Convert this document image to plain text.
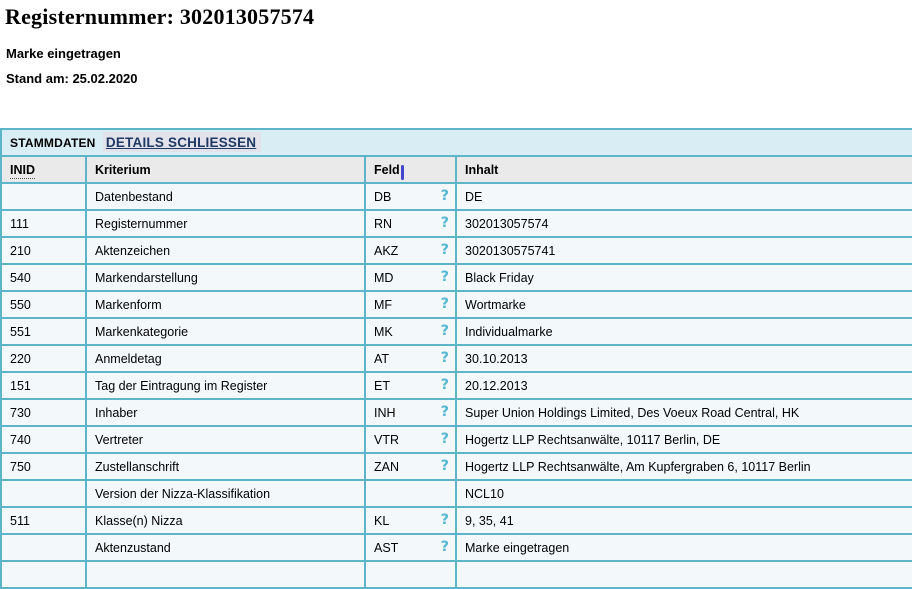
Registernummer: 302013057574
Marke eingetragen
Stand am: 25.02.2020
STAMMDATEN DETAILS SCHLIESSEN			
INID	Kriterium	Feld	Inhalt
	Datenbestand	DB ?	DE
111	Registernummer	RN ?	302013057574
210	Aktenzeichen	AKZ ?	3020130575741
540	Markendarstellung	MD ?	Black Friday
550	Markenform	MF ?	Wortmarke
551	Markenkategorie	MK ?	Individualmarke
220	Anmeldetag	AT ?	30.10.2013
151	Tag der Eintragung im Register	ET ?	20.12.2013
730	Inhaber	INH ?	Super Union Holdings Limited, Des Voeux Road Central, HK
740	Vertreter	VTR ?	Hogertz LLP Rechtsanwälte, 10117 Berlin, DE
750	Zustellanschrift	ZAN ?	Hogertz LLP Rechtsanwälte, Am Kupfergraben 6, 10117 Berlin
	Version der Nizza-Klassifikation		NCL10
511	Klasse(n) Nizza	KL ?	9, 35, 41
	Aktenzustand	AST ?	Marke eingetragen
